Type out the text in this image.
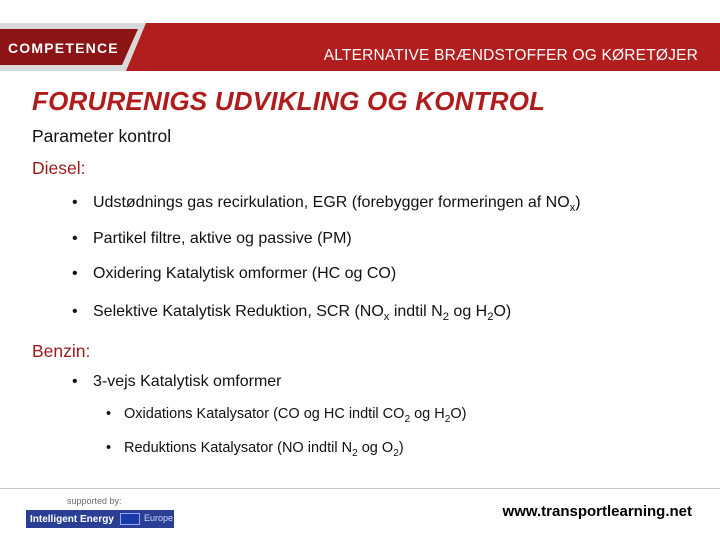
COMPETENCE	ALTERNATIVE BRÆNDSTOFFER OG KØRETØJER
FORURENIGS UDVIKLING OG KONTROL
Parameter kontrol
Diesel:
• Udstødnings gas recirkulation, EGR (forebygger formeringen af $NO_x$)
• Partikel filtre, aktive og passive (PM)
• Oxidering Katalytisk omformer (HC og CO)
• Selektive Katalytisk Reduktion, SCR ($NO_x$ indtil $N_2$ og $H_2O$)
Benzin:
• 3-vejs Katalytisk omformer
• Oxidations Katalysator (CO og HC indtil $CO_2$ og $H_2O$)
• Reduktions Katalysator (NO indtil $N_2$ og $O_2$)
supported by:
Intelligent Energy	Europe	www.transportlearning.net
